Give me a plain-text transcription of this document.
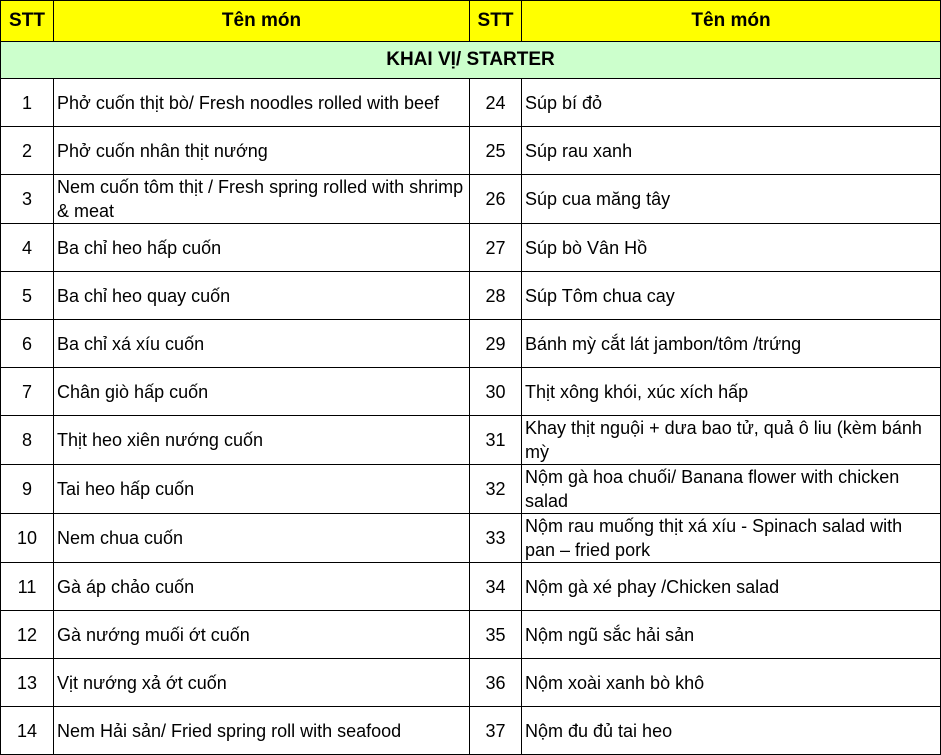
STT	Tên món	STT	Tên món
KHAI VỊ/ STARTER			
1	Phở cuốn thịt bò/ Fresh noodles rolled with beef	24	Súp bí đỏ

2	Phở cuốn nhân thịt nướng	25	Súp rau xanh

3	Nem cuốn tôm thịt / Fresh spring rolled with shrimp & meat	26	Súp cua măng tây

4	Ba chỉ heo hấp cuốn	27	Súp bò Vân Hồ

5	Ba chỉ heo quay cuốn	28	Súp Tôm chua cay

6	Ba chỉ xá xíu cuốn	29	Bánh mỳ cắt lát jambon/tôm /trứng

7	Chân giò hấp cuốn	30	Thịt xông khói, xúc xích hấp

8	Thịt heo xiên nướng cuốn	31	Khay thịt nguội + dưa bao tử, quả ô liu (kèm bánh mỳ

9	Tai heo hấp cuốn	32	Nộm gà hoa chuối/ Banana flower with chicken salad

10	Nem chua cuốn	33	Nộm rau muống thịt xá xíu - Spinach salad with pan – fried pork

11	Gà áp chảo cuốn	34	Nộm gà xé phay /Chicken salad

12	Gà nướng muối ớt cuốn	35	Nộm ngũ sắc hải sản

13	Vịt nướng xả ớt cuốn	36	Nộm xoài xanh bò khô

14	Nem Hải sản/ Fried spring roll with seafood	37	Nộm đu đủ tai heo
